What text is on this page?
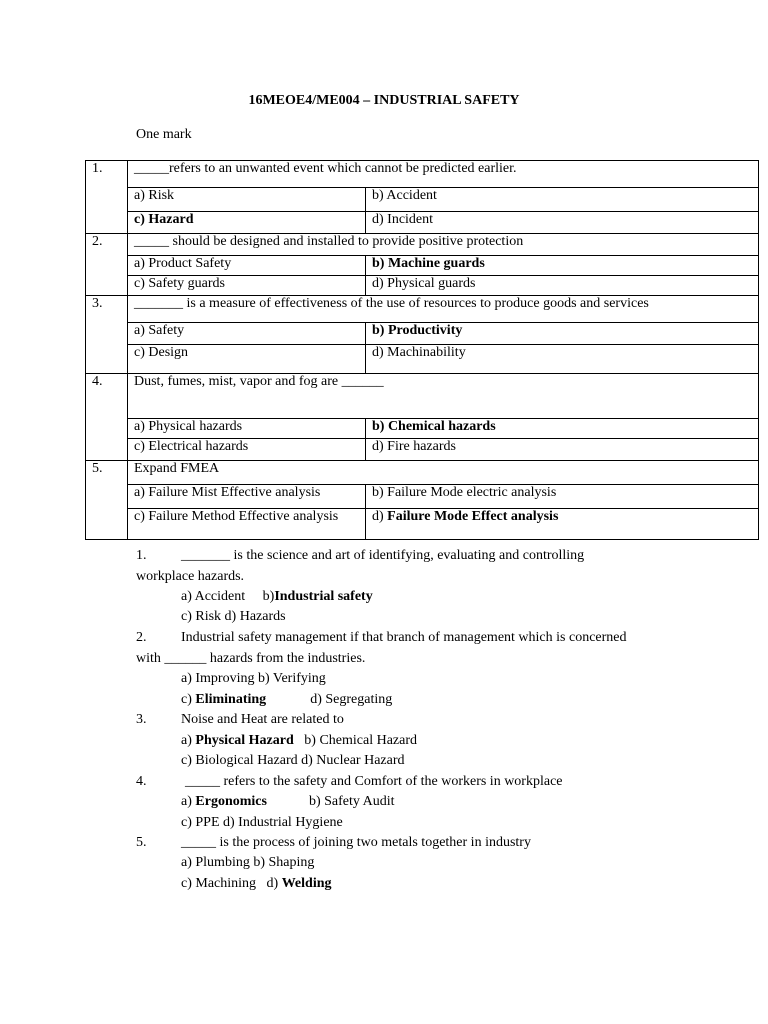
16MEOE4/ME004 – INDUSTRIAL SAFETY
One mark
1.	_____refers to an unwanted event which cannot be predicted earlier.	
	a) Risk	b) Accident
	c) Hazard	d) Incident
2.	_____ should be designed and installed to provide positive protection	
	a) Product Safety	b) Machine guards
	c) Safety guards	d) Physical guards
3.	_______ is a measure of effectiveness of the use of resources to produce goods and services	
	a) Safety	b) Productivity
	c) Design	d) Machinability
4.	Dust, fumes, mist, vapor and fog are ______	
	a) Physical hazards	b) Chemical hazards
	c) Electrical hazards	d) Fire hazards
5.	Expand FMEA	
	a) Failure Mist Effective analysis	b) Failure Mode electric analysis
	c) Failure Method Effective analysis	d) Failure Mode Effect analysis
1. _______ is the science and art of identifying, evaluating and controlling
workplace hazards.
a) Accident b)Industrial safety
c) Risk d) Hazards
2. Industrial safety management if that branch of management which is concerned
with ______ hazards from the industries.
a) Improving b) Verifying
c) Eliminating	d) Segregating
3. Noise and Heat are related to
a) Physical Hazard b) Chemical Hazard
c) Biological Hazard d) Nuclear Hazard
4.	_____ refers to the safety and Comfort of the workers in workplace
a) Ergonomics	b) Safety Audit
c) PPE d) Industrial Hygiene
5. _____ is the process of joining two metals together in industry
a) Plumbing b) Shaping
c) Machining   d) Welding
